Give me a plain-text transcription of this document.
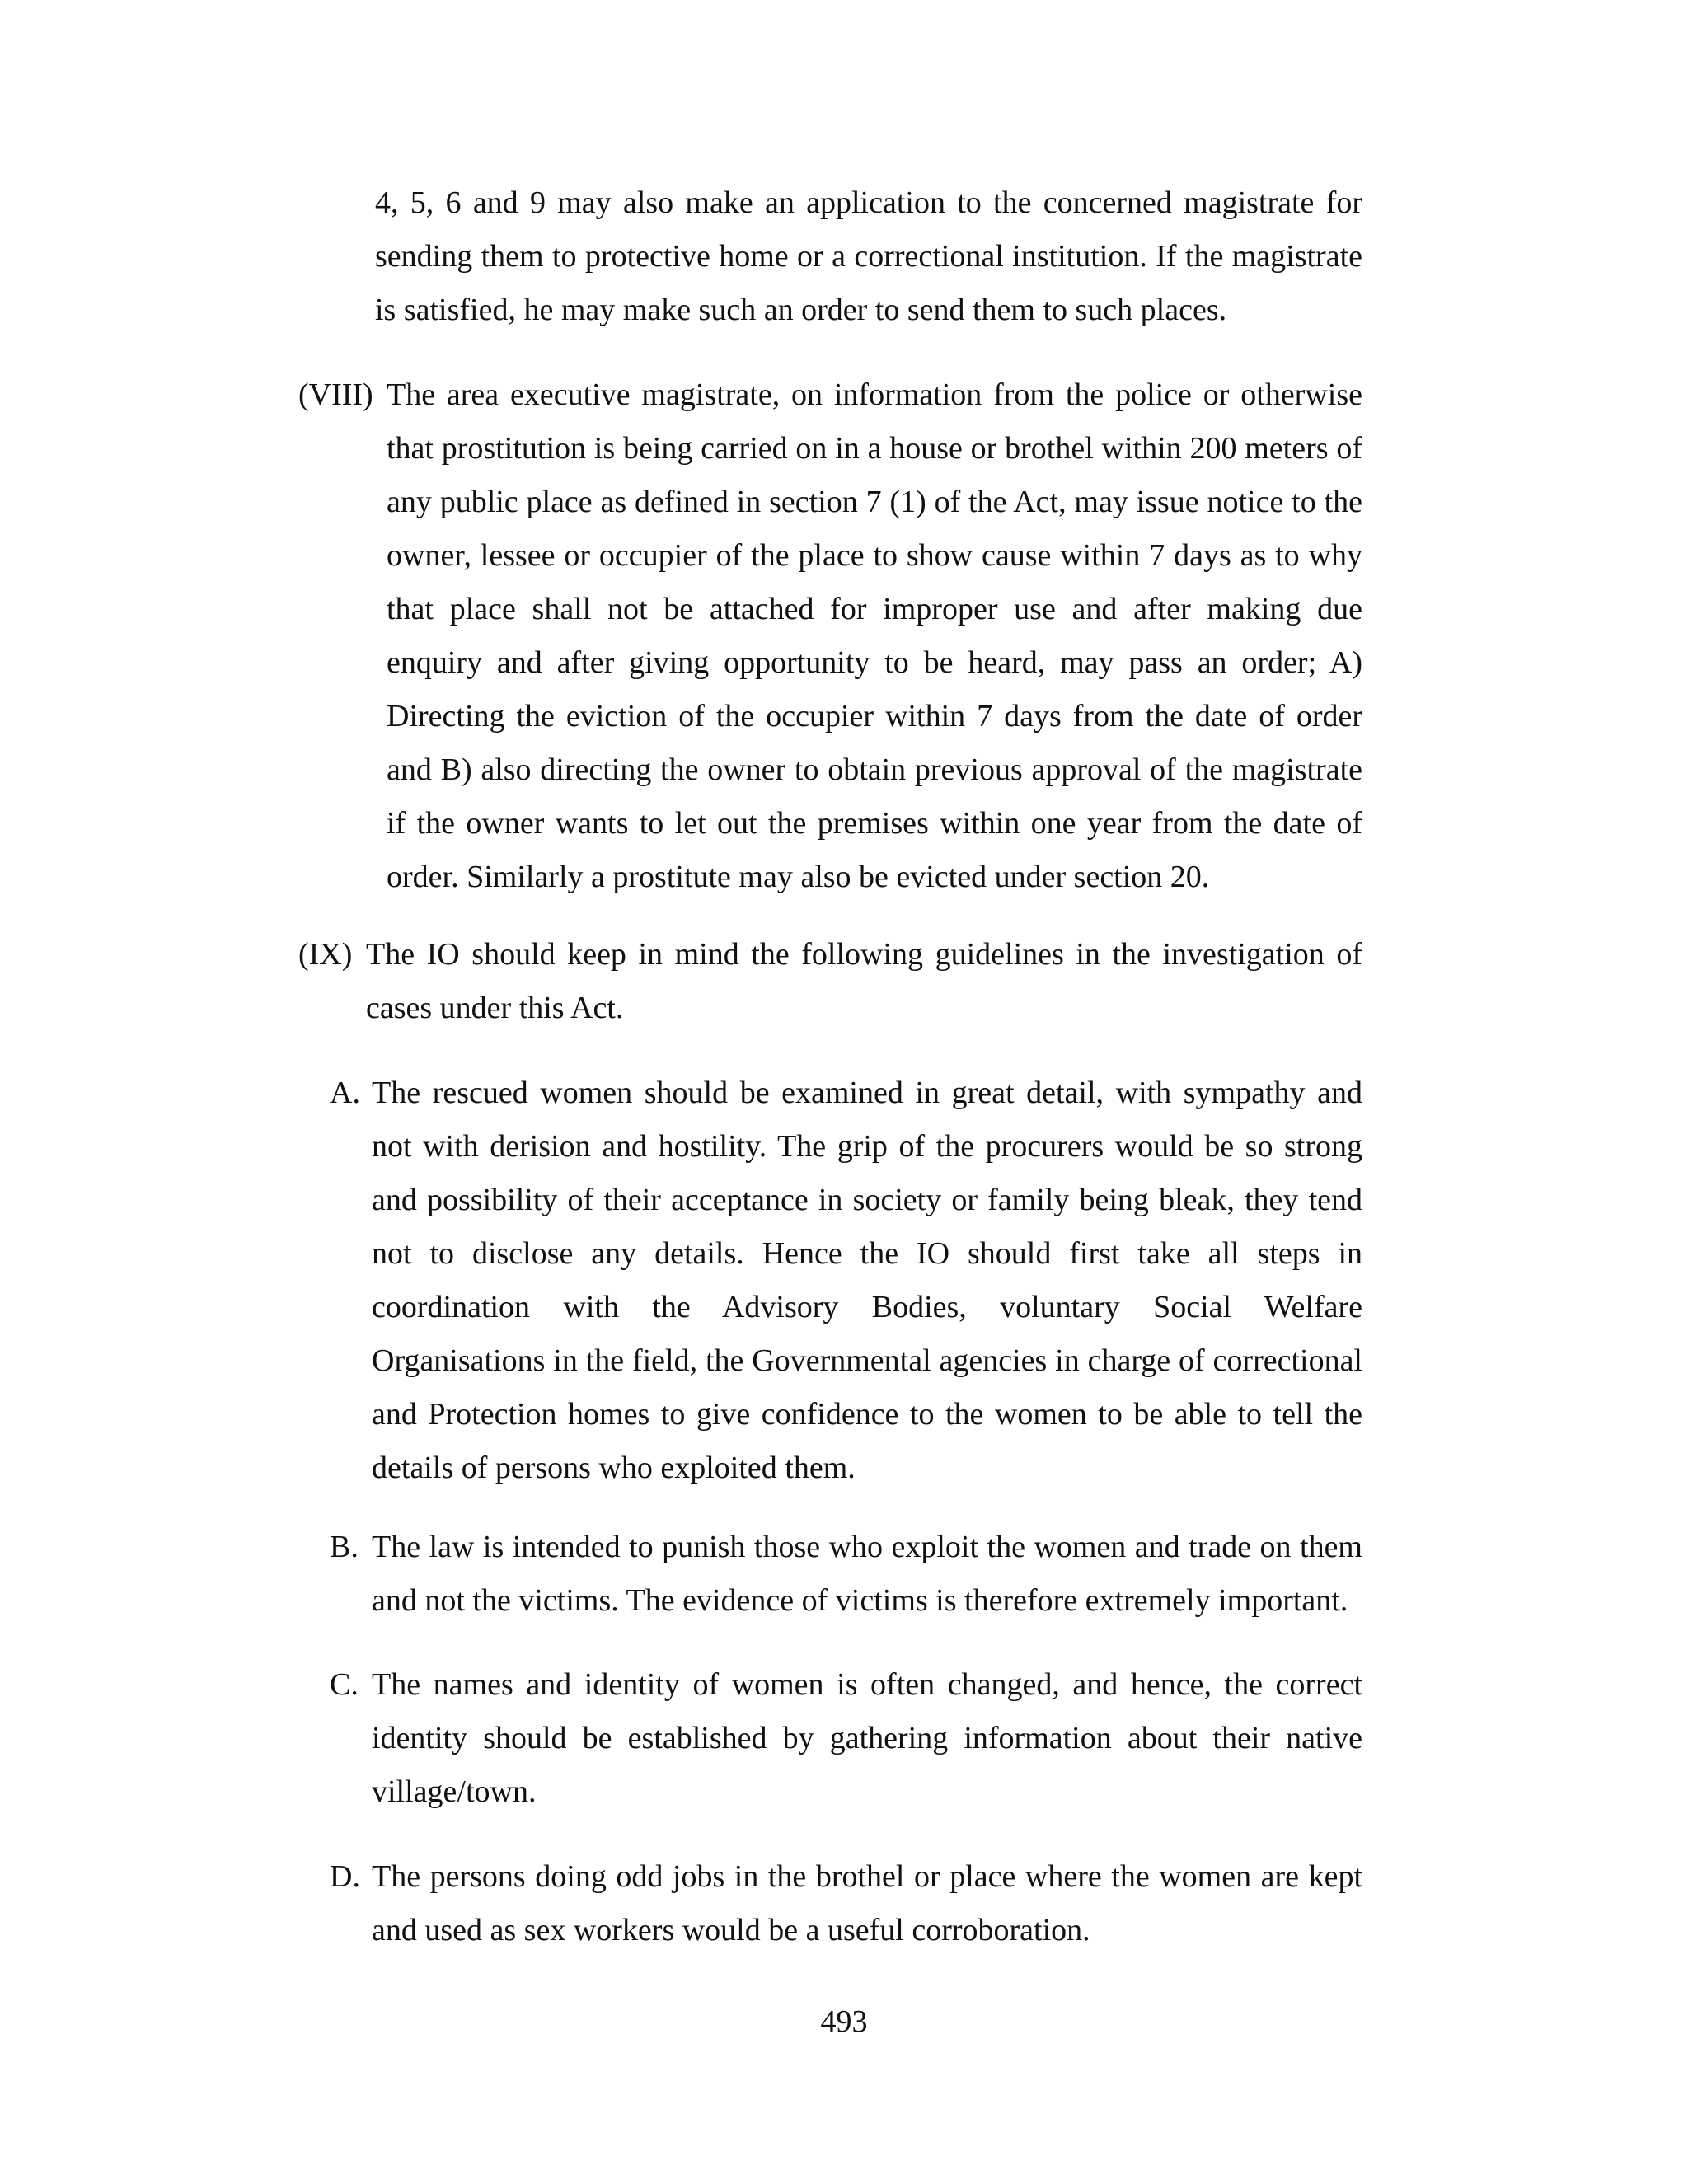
4, 5, 6 and 9 may also make an application to the concerned magistrate for sending them to protective home or a correctional institution. If the magistrate is satisfied, he may make such an order to send them to such places.

(VIII) The area executive magistrate, on information from the police or otherwise that prostitution is being carried on in a house or brothel within 200 meters of any public place as defined in section 7 (1) of the Act, may issue notice to the owner, lessee or occupier of the place to show cause within 7 days as to why that place shall not be attached for improper use and after making due enquiry and after giving opportunity to be heard, may pass an order; A) Directing the eviction of the occupier within 7 days from the date of order and B) also directing the owner to obtain previous approval of the magistrate if the owner wants to let out the premises within one year from the date of order. Similarly a prostitute may also be evicted under section 20.

(IX) The IO should keep in mind the following guidelines in the investigation of cases under this Act.

A. The rescued women should be examined in great detail, with sympathy and not with derision and hostility. The grip of the procurers would be so strong and possibility of their acceptance in society or family being bleak, they tend not to disclose any details. Hence the IO should first take all steps in coordination with the Advisory Bodies, voluntary Social Welfare Organisations in the field, the Governmental agencies in charge of correctional and Protection homes to give confidence to the women to be able to tell the details of persons who exploited them.

B. The law is intended to punish those who exploit the women and trade on them and not the victims. The evidence of victims is therefore extremely important.

C. The names and identity of women is often changed, and hence, the correct identity should be established by gathering information about their native village/town.

D. The persons doing odd jobs in the brothel or place where the women are kept and used as sex workers would be a useful corroboration.

493
